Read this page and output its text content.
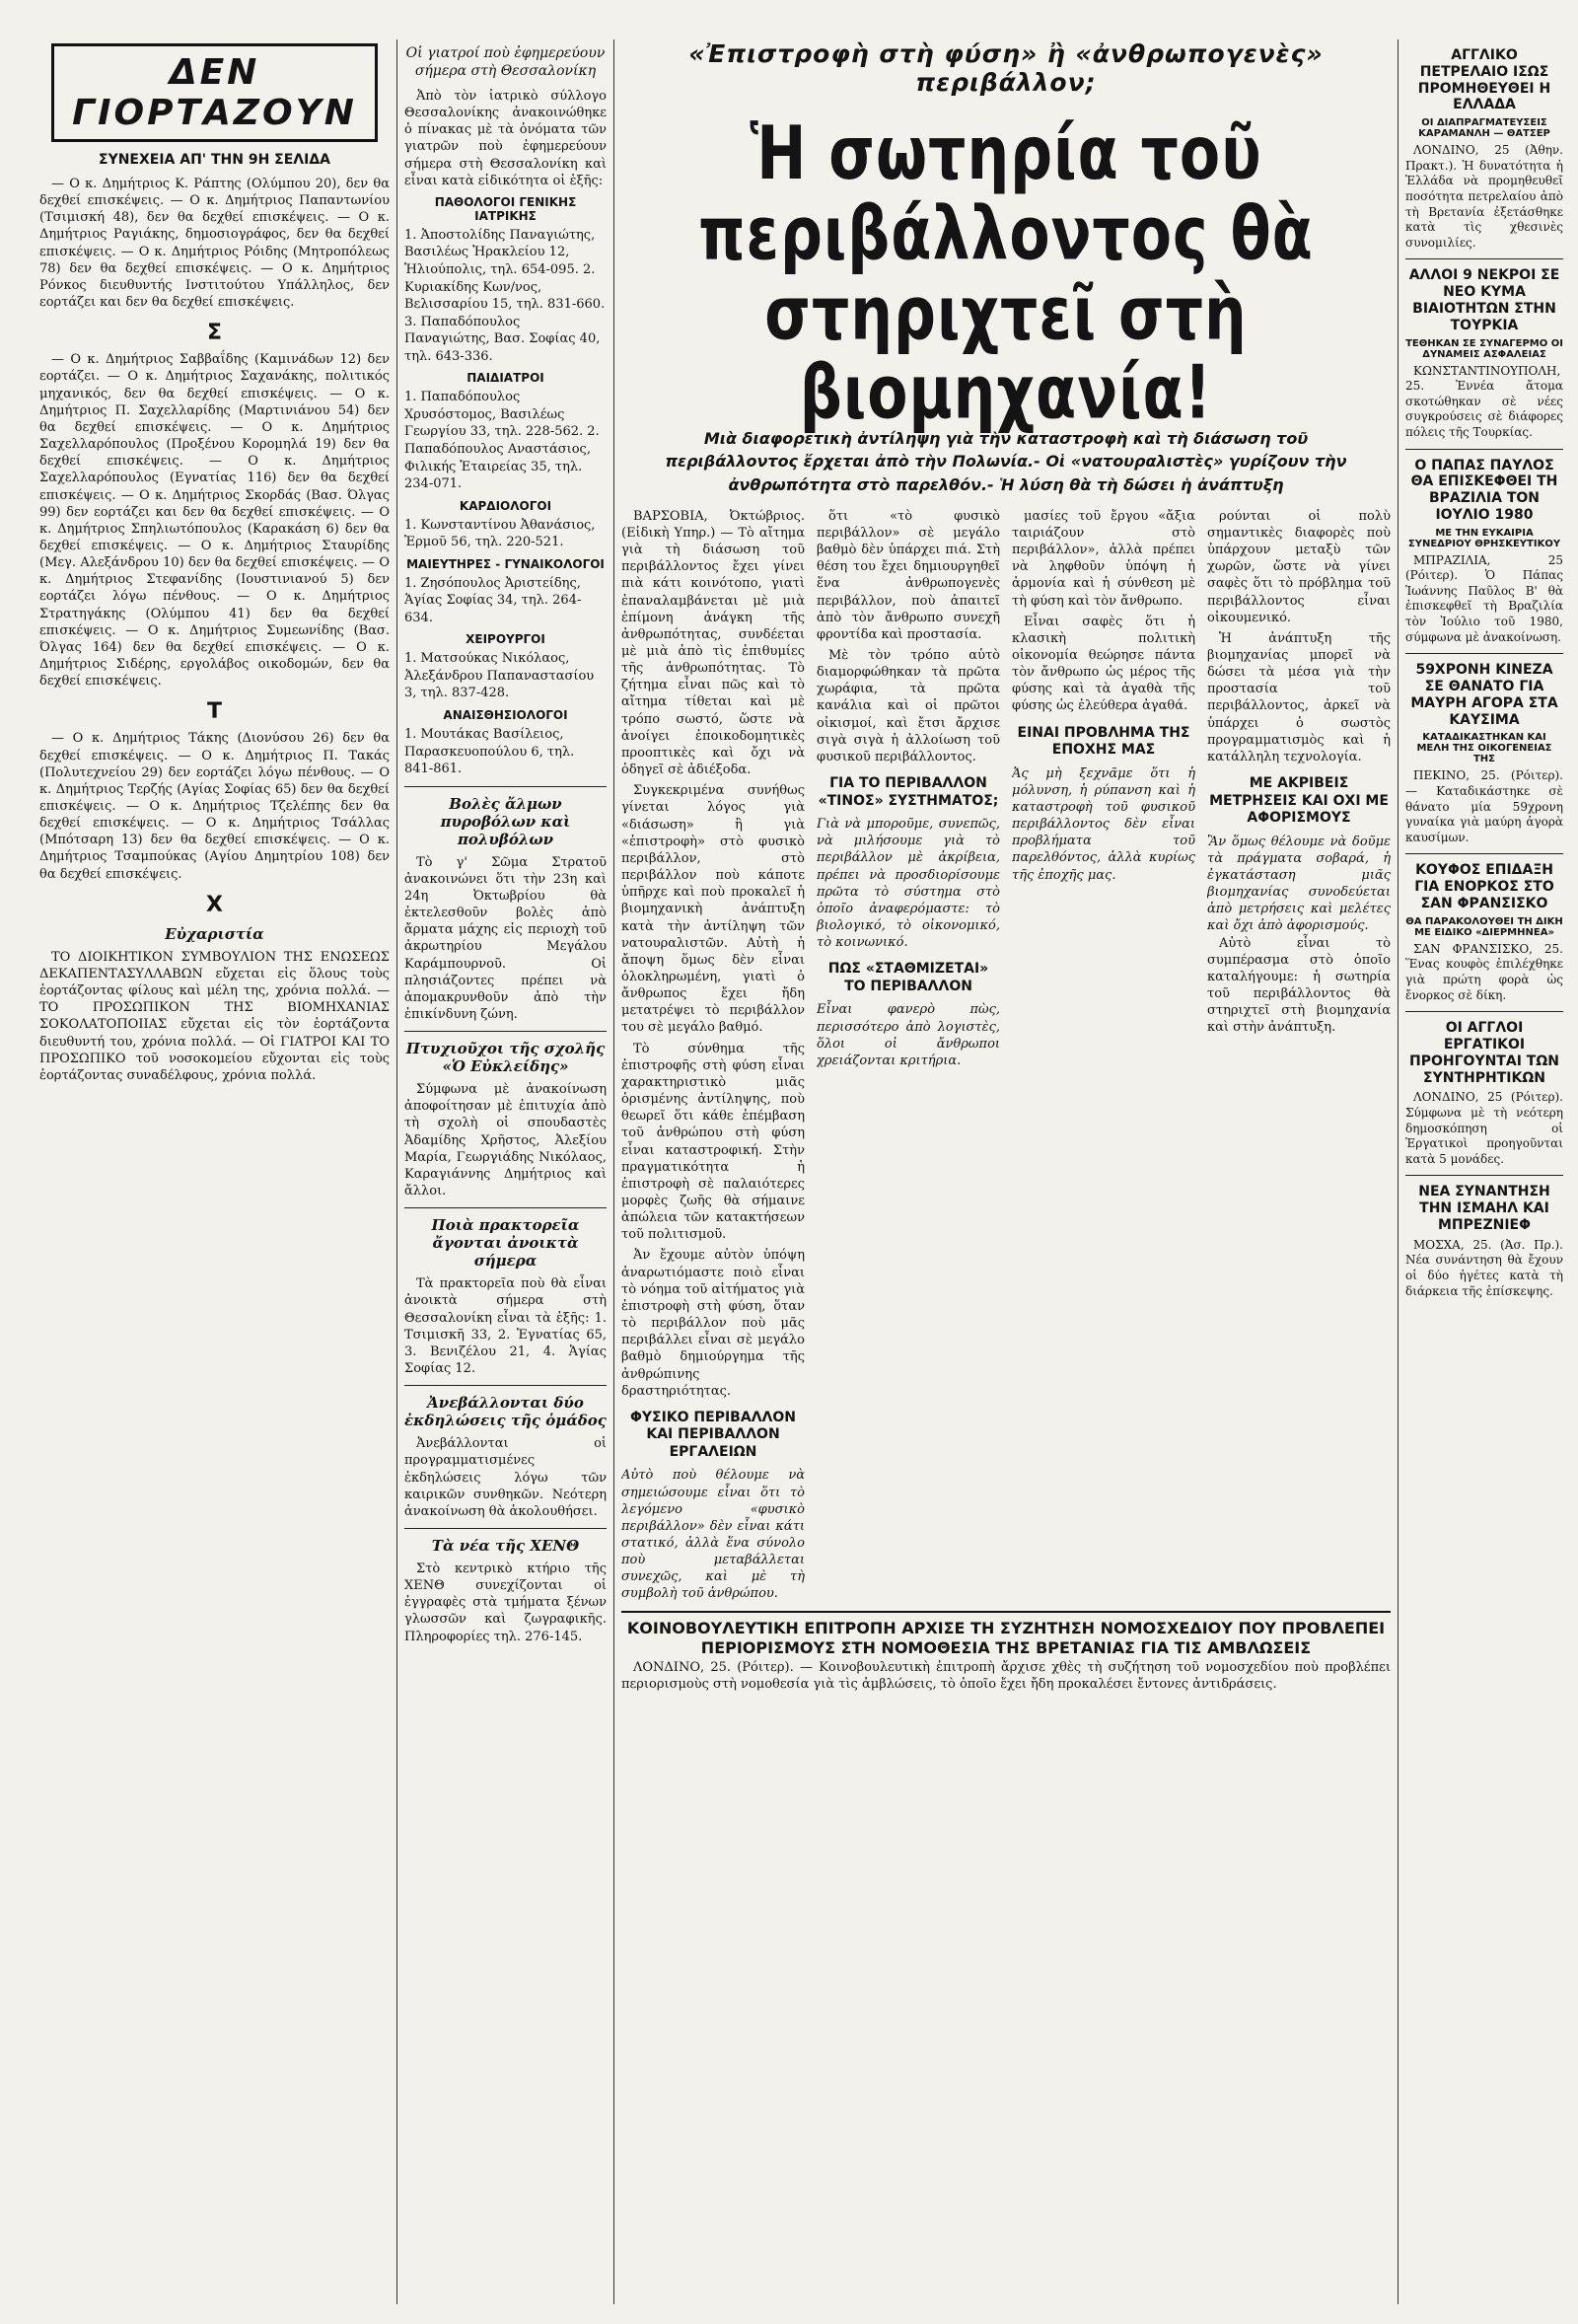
ΔΕΝ ΓΙΟΡΤΑΖΟΥΝ
ΣΥΝΕΧΕΙΑ ΑΠ' ΤΗΝ 9Η ΣΕΛΙΔΑ

— Ο κ. Δημήτριος Κ. Ράπτης (Ολύμπου 20), δεν θα δεχθεί επισκέψεις. — Ο κ. Δημήτριος Παπαντωνίου (Τσιμισκή 48), δεν θα δεχθεί επισκέψεις. — Ο κ. Δημήτριος Ραγιάκης, δημοσιογράφος, δεν θα δεχθεί επισκέψεις. — Ο κ. Δημήτριος Ρόιδης (Μητροπόλεως 78) δεν θα δεχθεί επισκέψεις. — Ο κ. Δημήτριος Ρόνκος διευθυντής Ινστιτούτου Υπάλληλος, δεν εορτάζει και δεν θα δεχθεί επισκέψεις.

Σ

— Ο κ. Δημήτριος Σαββαΐδης (Καμινάδων 12) δεν εορτάζει. — Ο κ. Δημήτριος Σαχανάκης, πολιτικός μηχανικός, δεν θα δεχθεί επισκέψεις. — Ο κ. Δημήτριος Π. Σαχελλαρίδης (Μαρτινιάνου 54) δεν θα δεχθεί επισκέψεις. — Ο κ. Δημήτριος Σαχελλαρόπουλος (Προξένου Κορομηλά 19) δεν θα δεχθεί επισκέψεις. — Ο κ. Δημήτριος Σαχελλαρόπουλος (Εγνατίας 116) δεν θα δεχθεί επισκέψεις. — Ο κ. Δημήτριος Σκορδάς (Βασ. Όλγας 99) δεν εορτάζει και δεν θα δεχθεί επισκέψεις. — Ο κ. Δημήτριος Σπηλιωτόπουλος (Καρακάση 6) δεν θα δεχθεί επισκέψεις. — Ο κ. Δημήτριος Σταυρίδης (Μεγ. Αλεξάνδρου 10) δεν θα δεχθεί επισκέψεις. — Ο κ. Δημήτριος Στεφανίδης (Ιουστινιανού 5) δεν εορτάζει λόγω πένθους. — Ο κ. Δημήτριος Στρατηγάκης (Ολύμπου 41) δεν θα δεχθεί επισκέψεις. — Ο κ. Δημήτριος Συμεωνίδης (Βασ. Όλγας 164) δεν θα δεχθεί επισκέψεις. — Ο κ. Δημήτριος Σιδέρης, εργολάβος οικοδομών, δεν θα δεχθεί επισκέψεις.

Τ

— Ο κ. Δημήτριος Τάκης (Διονύσου 26) δεν θα δεχθεί επισκέψεις. — Ο κ. Δημήτριος Π. Τακάς (Πολυτεχνείου 29) δεν εορτάζει λόγω πένθους. — Ο κ. Δημήτριος Τερζής (Αγίας Σοφίας 65) δεν θα δεχθεί επισκέψεις. — Ο κ. Δημήτριος Τζελέπης δεν θα δεχθεί επισκέψεις. — Ο κ. Δημήτριος Τσάλλας (Μπότσαρη 13) δεν θα δεχθεί επισκέψεις. — Ο κ. Δημήτριος Τσαμπούκας (Αγίου Δημητρίου 108) δεν θα δεχθεί επισκέψεις.

Χ
Εὐχαριστία

ΤΟ ΔΙΟΙΚΗΤΙΚΟΝ ΣΥΜΒΟΥΛΙΟΝ ΤΗΣ ΕΝΩΣΕΩΣ ΔΕΚΑΠΕΝΤΑΣΥΛΛΑΒΩΝ εὔχεται εἰς ὅλους τοὺς ἑορτάζοντας φίλους καὶ μέλη της, χρόνια πολλά. — ΤΟ ΠΡΟΣΩΠΙΚΟΝ ΤΗΣ ΒΙΟΜΗΧΑΝΙΑΣ ΣΟΚΟΛΑΤΟΠΟΙΙΑΣ εὔχεται εἰς τὸν ἑορτάζοντα διευθυντή του, χρόνια πολλά. — Οἱ ΓΙΑΤΡΟΙ ΚΑΙ ΤΟ ΠΡΟΣΩΠΙΚΟ τοῦ νοσοκομείου εὔχονται εἰς τοὺς ἑορτάζοντας συναδέλφους, χρόνια πολλά.

Οἱ γιατροί ποὺ ἐφημερεύουν σήμερα στὴ Θεσσαλονίκη

Ἀπὸ τὸν ἰατρικὸ σύλλογο Θεσσαλονίκης ἀνακοινώθηκε ὁ πίνακας μὲ τὰ ὀνόματα τῶν γιατρῶν ποὺ ἐφημερεύουν σήμερα στὴ Θεσσαλονίκη καὶ εἶναι κατὰ εἰδικότητα οἱ ἑξῆς:

ΠΑΘΟΛΟΓΟΙ ΓΕΝΙΚΗΣ ΙΑΤΡΙΚΗΣ
1. Ἀποστολίδης Παναγιώτης, Βασιλέως Ἡρακλείου 12, Ἡλιούπολις, τηλ. 654-095. 2. Κυριακίδης Κων/νος, Βελισσαρίου 15, τηλ. 831-660. 3. Παπαδόπουλος Παναγιώτης, Βασ. Σοφίας 40, τηλ. 643-336.
ΠΑΙΔΙΑΤΡΟΙ
1. Παπαδόπουλος Χρυσόστομος, Βασιλέως Γεωργίου 33, τηλ. 228-562. 2. Παπαδόπουλος Αναστάσιος, Φιλικής Ἑταιρείας 35, τηλ. 234-071.
ΚΑΡΔΙΟΛΟΓΟΙ
1. Κωνσταντίνου Ἀθανάσιος, Ἐρμοῦ 56, τηλ. 220-521.
ΜΑΙΕΥΤΗΡΕΣ - ΓΥΝΑΙΚΟΛΟΓΟΙ
1. Ζησόπουλος Ἀριστείδης, Ἁγίας Σοφίας 34, τηλ. 264-634.
ΧΕΙΡΟΥΡΓΟΙ
1. Ματσούκας Νικόλαος, Ἀλεξάνδρου Παπαναστασίου 3, τηλ. 837-428.
ΑΝΑΙΣΘΗΣΙΟΛΟΓΟΙ
1. Μουτάκας Βασίλειος, Παρασκευοπούλου 6, τηλ. 841-861.
Βολὲς ἄλμων πυροβόλων καὶ πολυβόλων

Τὸ γ' Σῶμα Στρατοῦ ἀνακοινώνει ὅτι τὴν 23η καὶ 24η Ὀκτωβρίου θὰ ἐκτελεσθοῦν βολὲς ἀπὸ ἄρματα μάχης εἰς περιοχὴ τοῦ ἀκρωτηρίου Μεγάλου Καράμπουρνοῦ. Οἱ πλησιάζοντες πρέπει νὰ ἀπομακρυνθοῦν ἀπὸ τὴν ἐπικίνδυνη ζώνη.

Πτυχιοῦχοι τῆς σχολῆς «Ὁ Εὐκλείδης»

Σύμφωνα μὲ ἀνακοίνωση ἀποφοίτησαν μὲ ἐπιτυχία ἀπὸ τὴ σχολὴ οἱ σπουδαστὲς Ἀδαμίδης Χρῆστος, Ἀλεξίου Μαρία, Γεωργιάδης Νικόλαος, Καραγιάννης Δημήτριος καὶ ἄλλοι.

Ποιὰ πρακτορεῖα ἄγονται ἀνοικτὰ σήμερα

Τὰ πρακτορεῖα ποὺ θὰ εἶναι ἀνοικτὰ σήμερα στὴ Θεσσαλονίκη εἶναι τὰ ἑξῆς: 1. Τσιμισκῆ 33, 2. Ἐγνατίας 65, 3. Βενιζέλου 21, 4. Ἁγίας Σοφίας 12.

Ἀνεβάλλονται δύο ἐκδηλώσεις τῆς ὁμάδος

Ἀνεβάλλονται οἱ προγραμματισμένες ἐκδηλώσεις λόγω τῶν καιρικῶν συνθηκῶν. Νεότερη ἀνακοίνωση θὰ ἀκολουθήσει.

Τὰ νέα τῆς ΧΕΝΘ

Στὸ κεντρικὸ κτήριο τῆς ΧΕΝΘ συνεχίζονται οἱ ἐγγραφὲς στὰ τμήματα ξένων γλωσσῶν καὶ ζωγραφικῆς. Πληροφορίες τηλ. 276-145.

«Ἐπιστροφὴ στὴ φύση» ἢ «ἀνθρωπογενὲς» περιβάλλον;
Ἡ σωτηρία τοῦ περιβάλλοντος θὰ στηριχτεῖ στὴ βιομηχανία!
Μιὰ διαφορετικὴ ἀντίληψη γιὰ τὴν καταστροφὴ καὶ τὴ διάσωση τοῦ περιβάλλοντος ἔρχεται ἀπὸ τὴν Πολωνία.- Οἱ «νατουραλιστὲς» γυρίζουν τὴν ἀνθρωπότητα στὸ παρελθόν.- Ἡ λύση θὰ τὴ δώσει ἡ ἀνάπτυξη

ΒΑΡΣΟΒΙΑ, Ὀκτώβριος. (Εἰδικὴ Υπηρ.) — Τὸ αἴτημα γιὰ τὴ διάσωση τοῦ περιβάλλοντος ἔχει γίνει πιὰ κάτι κοινότοπο, γιατὶ ἐπαναλαμβάνεται μὲ μιὰ ἐπίμονη ἀνάγκη τῆς ἀνθρωπότητας, συνδέεται μὲ μιὰ ἀπὸ τὶς ἐπιθυμίες τῆς ἀνθρωπότητας. Τὸ ζήτημα εἶναι πῶς καὶ τὸ αἴτημα τίθεται καὶ μὲ τρόπο σωστό, ὥστε νὰ ἀνοίγει ἐποικοδομητικὲς προοπτικὲς καὶ ὄχι νὰ ὁδηγεῖ σὲ ἀδιέξοδα.

Συγκεκριμένα συνήθως γίνεται λόγος γιὰ «διάσωση» ἢ γιὰ «ἐπιστροφὴ» στὸ φυσικὸ περιβάλλον, στὸ περιβάλλον ποὺ κάποτε ὑπῆρχε καὶ ποὺ προκαλεῖ ἡ βιομηχανικὴ ἀνάπτυξη κατὰ τὴν ἀντίληψη τῶν νατουραλιστῶν. Αὐτὴ ἡ ἄποψη ὅμως δὲν εἶναι ὁλοκληρωμένη, γιατὶ ὁ ἄνθρωπος ἔχει ἤδη μετατρέψει τὸ περιβάλλον του σὲ μεγάλο βαθμό.

Τὸ σύνθημα τῆς ἐπιστροφῆς στὴ φύση εἶναι χαρακτηριστικὸ μιᾶς ὁρισμένης ἀντίληψης, ποὺ θεωρεῖ ὅτι κάθε ἐπέμβαση τοῦ ἀνθρώπου στὴ φύση εἶναι καταστροφική. Στὴν πραγματικότητα ἡ ἐπιστροφὴ σὲ παλαιότερες μορφὲς ζωῆς θὰ σήμαινε ἀπώλεια τῶν κατακτήσεων τοῦ πολιτισμοῦ.

Ἀν ἔχουμε αὐτὸν ὑπόψη ἀναρωτιόμαστε ποιὸ εἶναι τὸ νόημα τοῦ αἰτήματος γιὰ ἐπιστροφὴ στὴ φύση, ὅταν τὸ περιβάλλον ποὺ μᾶς περιβάλλει εἶναι σὲ μεγάλο βαθμὸ δημιούργημα τῆς ἀνθρώπινης δραστηριότητας.

ΦΥΣΙΚΟ ΠΕΡΙΒΑΛΛΟΝ ΚΑΙ ΠΕΡΙΒΑΛΛΟΝ ΕΡΓΑΛΕΙΩΝ
Αὐτὸ ποὺ θέλουμε νὰ σημειώσουμε εἶναι ὅτι τὸ λεγόμενο «φυσικὸ περιβάλλον» δὲν εἶναι κάτι στατικό, ἀλλὰ ἕνα σύνολο ποὺ μεταβάλλεται συνεχῶς, καὶ μὲ τὴ συμβολὴ τοῦ ἀνθρώπου.

ὅτι «τὸ φυσικὸ περιβάλλον» σὲ μεγάλο βαθμὸ δὲν ὑπάρχει πιά. Στὴ θέση του ἔχει δημιουργηθεῖ ἕνα ἀνθρωπογενὲς περιβάλλον, ποὺ ἀπαιτεῖ ἀπὸ τὸν ἄνθρωπο συνεχῆ φροντίδα καὶ προστασία.

Μὲ τὸν τρόπο αὐτὸ διαμορφώθηκαν τὰ πρῶτα χωράφια, τὰ πρῶτα κανάλια καὶ οἱ πρῶτοι οἰκισμοί, καὶ ἔτσι ἄρχισε σιγὰ σιγὰ ἡ ἀλλοίωση τοῦ φυσικοῦ περιβάλλοντος.

ΓΙΑ ΤΟ ΠΕΡΙΒΑΛΛΟΝ «ΤΙΝΟΣ» ΣΥΣΤΗΜΑΤΟΣ;
Γιὰ νὰ μποροῦμε, συνεπῶς, νὰ μιλήσουμε γιὰ τὸ περιβάλλον μὲ ἀκρίβεια, πρέπει νὰ προσδιορίσουμε πρῶτα τὸ σύστημα στὸ ὁποῖο ἀναφερόμαστε: τὸ βιολογικό, τὸ οἰκονομικό, τὸ κοινωνικό.
ΠΩΣ «ΣΤΑΘΜΙΖΕΤΑΙ» ΤΟ ΠΕΡΙΒΑΛΛΟΝ
Εἶναι φανερὸ πὼς, περισσότερο ἀπὸ λογιστὲς, ὅλοι οἱ ἄνθρωποι χρειάζονται κριτήρια.

μασίες τοῦ ἔργου «ἄξια ταιριάζουν στὸ περιβάλλον», ἀλλὰ πρέπει νὰ ληφθοῦν ὑπόψη ἡ ἀρμονία καὶ ἡ σύνθεση μὲ τὴ φύση καὶ τὸν ἄνθρωπο.

Εἶναι σαφὲς ὅτι ἡ κλασικὴ πολιτικὴ οἰκονομία θεώρησε πάντα τὸν ἄνθρωπο ὡς μέρος τῆς φύσης καὶ τὰ ἀγαθὰ τῆς φύσης ὡς ἐλεύθερα ἀγαθά.

ΕΙΝΑΙ ΠΡΟΒΛΗΜΑ ΤΗΣ ΕΠΟΧΗΣ ΜΑΣ
Ἀς μὴ ξεχνᾶμε ὅτι ἡ μόλυνση, ἡ ρύπανση καὶ ἡ καταστροφὴ τοῦ φυσικοῦ περιβάλλοντος δὲν εἶναι προβλήματα τοῦ παρελθόντος, ἀλλὰ κυρίως τῆς ἐποχῆς μας.

ρούνται οἱ πολὺ σημαντικὲς διαφορὲς ποὺ ὑπάρχουν μεταξὺ τῶν χωρῶν, ὥστε νὰ γίνει σαφὲς ὅτι τὸ πρόβλημα τοῦ περιβάλλοντος εἶναι οἰκουμενικό.

Ἡ ἀνάπτυξη τῆς βιομηχανίας μπορεῖ νὰ δώσει τὰ μέσα γιὰ τὴν προστασία τοῦ περιβάλλοντος, ἀρκεῖ νὰ ὑπάρχει ὁ σωστὸς προγραμματισμὸς καὶ ἡ κατάλληλη τεχνολογία.

ΜΕ ΑΚΡΙΒΕΙΣ ΜΕΤΡΗΣΕΙΣ ΚΑΙ ΟΧΙ ΜΕ ΑΦΟΡΙΣΜΟΥΣ
Ἂν ὅμως θέλουμε νὰ δοῦμε τὰ πράγματα σοβαρά, ἡ ἐγκατάσταση μιᾶς βιομηχανίας συνοδεύεται ἀπὸ μετρήσεις καὶ μελέτες καὶ ὄχι ἀπὸ ἀφορισμούς.

Αὐτὸ εἶναι τὸ συμπέρασμα στὸ ὁποῖο καταλήγουμε: ἡ σωτηρία τοῦ περιβάλλοντος θὰ στηριχτεῖ στὴ βιομηχανία καὶ στὴν ἀνάπτυξη.

ΚΟΙΝΟΒΟΥΛΕΥΤΙΚΗ ΕΠΙΤΡΟΠΗ ΑΡΧΙΣΕ ΤΗ ΣΥΖΗΤΗΣΗ ΝΟΜΟΣΧΕΔΙΟΥ ΠΟΥ ΠΡΟΒΛΕΠΕΙ ΠΕΡΙΟΡΙΣΜΟΥΣ ΣΤΗ ΝΟΜΟΘΕΣΙΑ ΤΗΣ ΒΡΕΤΑΝΙΑΣ ΓΙΑ ΤΙΣ ΑΜΒΛΩΣΕΙΣ

ΛΟΝΔΙΝΟ, 25. (Ρόιτερ). — Κοινοβουλευτικὴ ἐπιτροπὴ ἄρχισε χθὲς τὴ συζήτηση τοῦ νομοσχεδίου ποὺ προβλέπει περιορισμοὺς στὴ νομοθεσία γιὰ τὶς ἀμβλώσεις, τὸ ὁποῖο ἔχει ἤδη προκαλέσει ἔντονες ἀντιδράσεις.

ΑΓΓΛΙΚΟ ΠΕΤΡΕΛΑΙΟ ΙΣΩΣ ΠΡΟΜΗΘΕΥΘΕΙ Η ΕΛΛΑΔΑ
ΟΙ ΔΙΑΠΡΑΓΜΑΤΕΥΣΕΙΣ ΚΑΡΑΜΑΝΛΗ — ΘΑΤΣΕΡ

ΛΟΝΔΙΝΟ, 25 (Ἀθην. Πρακτ.). Ἡ δυνατότητα ἡ Ἑλλάδα νὰ προμηθευθεῖ ποσότητα πετρελαίου ἀπὸ τὴ Βρετανία ἐξετάσθηκε κατὰ τὶς χθεσινὲς συνομιλίες.

ΑΛΛΟΙ 9 ΝΕΚΡΟΙ ΣΕ ΝΕΟ ΚΥΜΑ ΒΙΑΙΟΤΗΤΩΝ ΣΤΗΝ ΤΟΥΡΚΙΑ
ΤΕΘΗΚΑΝ ΣΕ ΣΥΝΑΓΕΡΜΟ ΟΙ ΔΥΝΑΜΕΙΣ ΑΣΦΑΛΕΙΑΣ

ΚΩΝΣΤΑΝΤΙΝΟΥΠΟΛΗ, 25. Ἐννέα ἄτομα σκοτώθηκαν σὲ νέες συγκρούσεις σὲ διάφορες πόλεις τῆς Τουρκίας.

Ο ΠΑΠΑΣ ΠΑΥΛΟΣ ΘΑ ΕΠΙΣΚΕΦΘΕΙ ΤΗ ΒΡΑΖΙΛΙΑ ΤΟΝ ΙΟΥΛΙΟ 1980
ΜΕ ΤΗΝ ΕΥΚΑΙΡΙΑ ΣΥΝΕΔΡΙΟΥ ΘΡΗΣΚΕΥΤΙΚΟΥ

ΜΠΡΑΖΙΛΙΑ, 25 (Ρόιτερ). Ὁ Πάπας Ἰωάννης Παῦλος Β' θὰ ἐπισκεφθεῖ τὴ Βραζιλία τὸν Ἰούλιο τοῦ 1980, σύμφωνα μὲ ἀνακοίνωση.

59ΧΡΟΝΗ ΚΙΝΕΖΑ ΣΕ ΘΑΝΑΤΟ ΓΙΑ ΜΑΥΡΗ ΑΓΟΡΑ ΣΤΑ ΚΑΥΣΙΜΑ
ΚΑΤΑΔΙΚΑΣΤΗΚΑΝ ΚΑΙ ΜΕΛΗ ΤΗΣ ΟΙΚΟΓΕΝΕΙΑΣ ΤΗΣ

ΠΕΚΙΝΟ, 25. (Ρόιτερ). — Καταδικάστηκε σὲ θάνατο μία 59χρονη γυναίκα γιὰ μαύρη ἀγορὰ καυσίμων.

ΚΟΥΦΟΣ ΕΠΙΔΑΞΗ ΓΙΑ ΕΝΟΡΚΟΣ ΣΤΟ ΣΑΝ ΦΡΑΝΣΙΣΚΟ
ΘΑ ΠΑΡΑΚΟΛΟΥΘΕΙ ΤΗ ΔΙΚΗ ΜΕ ΕΙΔΙΚΟ «ΔΙΕΡΜΗΝΕΑ»

ΣΑΝ ΦΡΑΝΣΙΣΚΟ, 25. Ἕνας κουφὸς ἐπιλέχθηκε γιὰ πρώτη φορὰ ὡς ἔνορκος σὲ δίκη.

ΟΙ ΑΓΓΛΟΙ ΕΡΓΑΤΙΚΟΙ ΠΡΟΗΓΟΥΝΤΑΙ ΤΩΝ ΣΥΝΤΗΡΗΤΙΚΩΝ

ΛΟΝΔΙΝΟ, 25 (Ρόιτερ). Σύμφωνα μὲ τὴ νεότερη δημοσκόπηση οἱ Ἐργατικοὶ προηγοῦνται κατὰ 5 μονάδες.

ΝΕΑ ΣΥΝΑΝΤΗΣΗ ΤΗΝ ΙΣΜΑΗΛ ΚΑΙ ΜΠΡΕΖΝΙΕΦ

ΜΟΣΧΑ, 25. (Ἀσ. Πρ.). Νέα συνάντηση θὰ ἔχουν οἱ δύο ἡγέτες κατὰ τὴ διάρκεια τῆς ἐπίσκεψης.
